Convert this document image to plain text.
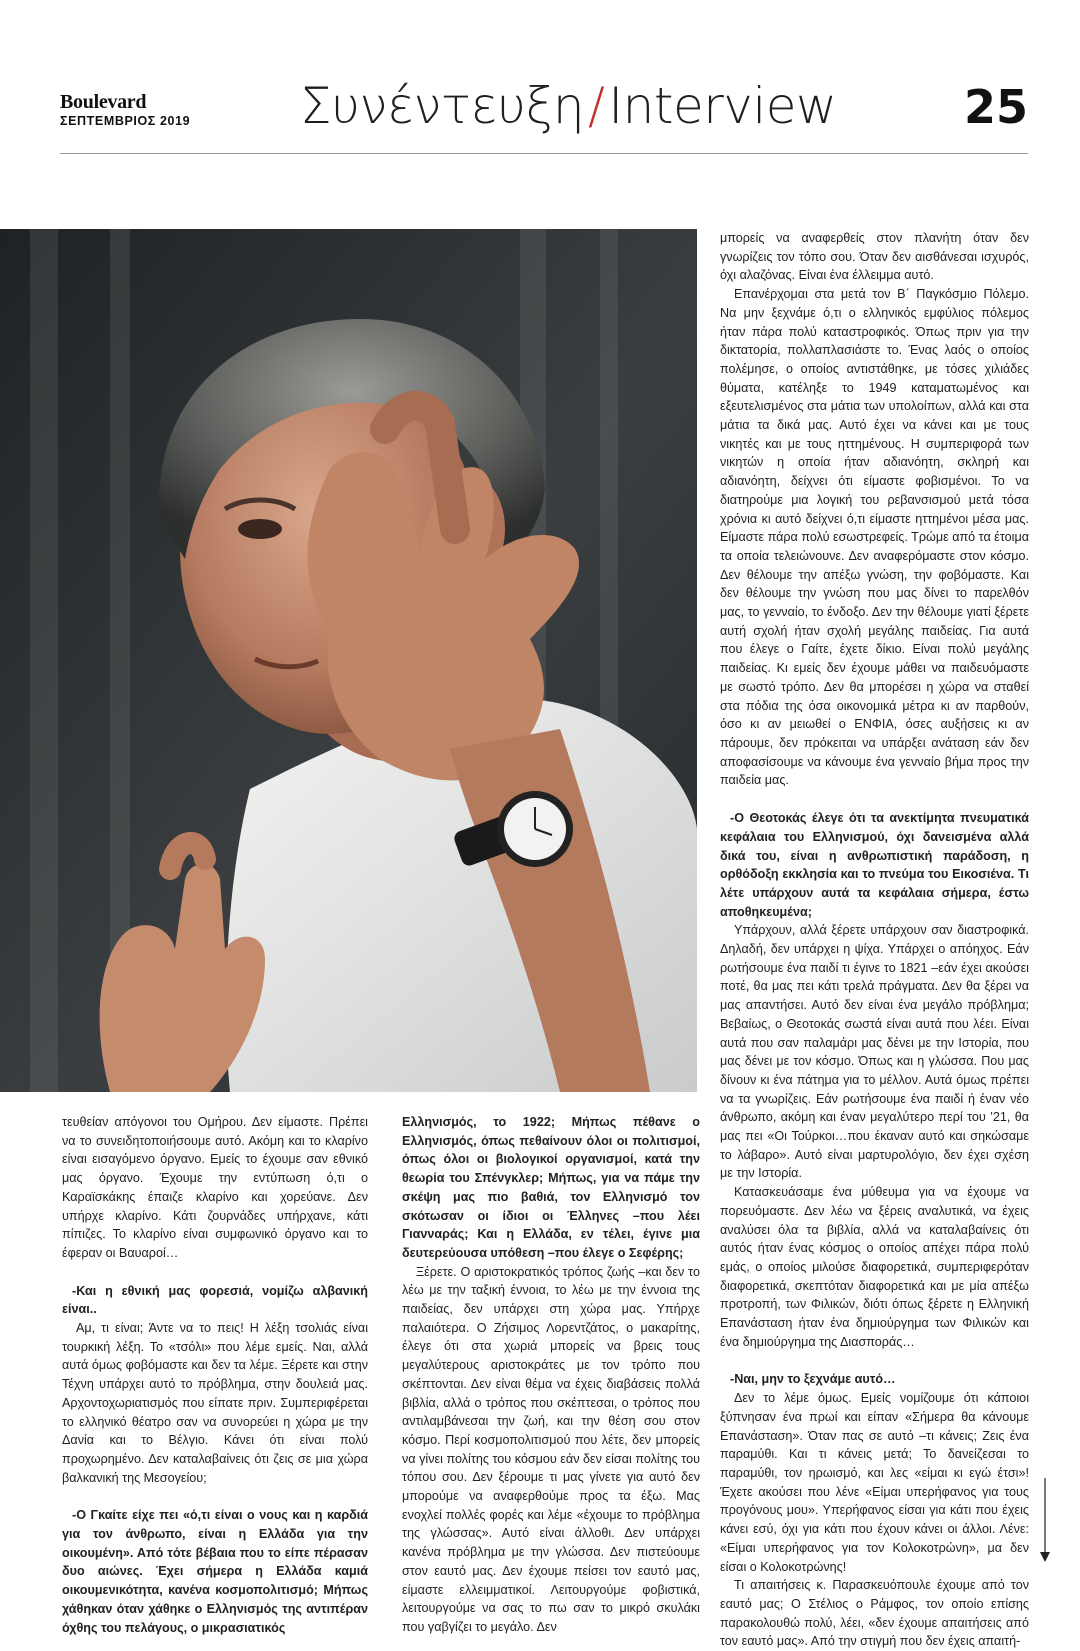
Boulevard
ΣΕΠΤΕΜΒΡΙΟΣ 2019 Συνέντευξη/Interview	25

τευθείαν απόγονοι του Ομήρου. Δεν είμαστε. Πρέπει να το συνειδητοποιήσουμε αυτό. Ακόμη και το κλαρίνο είναι εισαγόμενο όργανο. Εμείς το έχουμε σαν εθνικό μας όργανο. Έχουμε την εντύπωση ό,τι ο Καραϊσκάκης έπαιζε κλαρίνο και χορεύανε. Δεν υπήρχε κλαρίνο. Κάτι ζουρνάδες υπήρχανε, κάτι πίπιζες. Το κλαρίνο είναι συμφωνικό όργανο και το έφεραν οι Βαυαροί…

-Και η εθνική μας φορεσιά, νομίζω αλβανική είναι..

Αμ, τι είναι; Άντε να το πεις! Η λέξη τσολιάς είναι τουρκική λέξη. Το «τσόλι» που λέμε εμείς. Ναι, αλλά αυτά όμως φοβόμαστε και δεν τα λέμε. Ξέρετε και στην Τέχνη υπάρχει αυτό το πρόβλημα, στην δουλειά μας. Αρχοντοχωριατισμός που είπατε πριν. Συμπεριφέρεται το ελληνικό θέατρο σαν να συνορεύει η χώρα με την Δανία και το Βέλγιο. Κάνει ότι είναι πολύ προχωρημένο. Δεν καταλαβαίνεις ότι ζεις σε μια χώρα βαλκανική της Μεσογείου;

-Ο Γκαίτε είχε πει «ό,τι είναι ο νους και η καρδιά για τον άνθρωπο, είναι η Ελλάδα για την οικουμένη». Από τότε βέβαια που το είπε πέρασαν δυο αιώνες. Έχει σήμερα η Ελλάδα καμιά οικουμενικότητα, κανένα κοσμοπολιτισμό; Μήπως χάθηκαν όταν χάθηκε ο Ελληνισμός της αντιπέραν όχθης του πελάγους, ο μικρασιατικός

Ελληνισμός, το 1922; Μήπως πέθανε ο Ελληνισμός, όπως πεθαίνουν όλοι οι πολιτισμοί, όπως όλοι οι βιολογικοί οργανισμοί, κατά την θεωρία του Σπένγκλερ; Μήπως, για να πάμε την σκέψη μας πιο βαθιά, τον Ελληνισμό τον σκότωσαν οι ίδιοι οι Έλληνες –που λέει Γιανναράς; Και η Ελλάδα, εν τέλει, έγινε μια δευτερεύουσα υπόθεση –που έλεγε ο Σεφέρης;

Ξέρετε. Ο αριστοκρατικός τρόπος ζωής –και δεν το λέω με την ταξική έννοια, το λέω με την έννοια της παιδείας, δεν υπάρχει στη χώρα μας. Υπήρχε παλαιότερα. Ο Ζήσιμος Λορεντζάτος, ο μακαρίτης, έλεγε ότι στα χωριά μπορείς να βρεις τους μεγαλύτερους αριστοκράτες με τον τρόπο που σκέπτονται. Δεν είναι θέμα να έχεις διαβάσεις πολλά βιβλία, αλλά ο τρόπος που σκέπτεσαι, ο τρόπος που αντιλαμβάνεσαι την ζωή, και την θέση σου στον κόσμο. Περί κοσμοπολιτισμού που λέτε, δεν μπορείς να γίνει πολίτης του κόσμου εάν δεν είσαι πολίτης του τόπου σου. Δεν ξέρουμε τι μας γίνετε για αυτό δεν μπορούμε να αναφερθούμε προς τα έξω. Μας ενοχλεί πολλές φορές και λέμε «έχουμε το πρόβλημα της γλώσσας». Αυτό είναι άλλοθι. Δεν υπάρχει κανένα πρόβλημα με την γλώσσα. Δεν πιστεύουμε στον εαυτό μας. Δεν έχουμε πείσει τον εαυτό μας, είμαστε ελλειμματικοί. Λειτουργούμε φοβιστικά, λειτουργούμε να σας το πω σαν το μικρό σκυλάκι που γαβγίζει το μεγάλο. Δεν

μπορείς να αναφερθείς στον πλανήτη όταν δεν γνωρίζεις τον τόπο σου. Όταν δεν αισθάνεσαι ισχυρός, όχι αλαζόνας. Είναι ένα έλλειμμα αυτό.

Επανέρχομαι στα μετά τον Β΄ Παγκόσμιο Πόλεμο. Να μην ξεχνάμε ό,τι ο ελληνικός εμφύλιος πόλεμος ήταν πάρα πολύ καταστροφικός. Όπως πριν για την δικτατορία, πολλαπλασιάστε το. Ένας λαός ο οποίος πολέμησε, ο οποίος αντιστάθηκε, με τόσες χιλιάδες θύματα, κατέληξε το 1949 καταματωμένος και εξευτελισμένος στα μάτια των υπολοίπων, αλλά και στα μάτια τα δικά μας. Αυτό έχει να κάνει και με τους νικητές και με τους ηττημένους. Η συμπεριφορά των νικητών η οποία ήταν αδιανόητη, σκληρή και αδιανόητη, δείχνει ότι είμαστε φοβισμένοι. Το να διατηρούμε μια λογική του ρεβανσισμού μετά τόσα χρόνια κι αυτό δείχνει ό,τι είμαστε ηττημένοι μέσα μας. Είμαστε πάρα πολύ εσωστρεφείς. Τρώμε από τα έτοιμα τα οποία τελειώνουνε. Δεν αναφερόμαστε στον κόσμο. Δεν θέλουμε την απέξω γνώση, την φοβόμαστε. Και δεν θέλουμε την γνώση που μας δίνει το παρελθόν μας, το γενναίο, το ένδοξο. Δεν την θέλουμε γιατί ξέρετε αυτή σχολή ήταν σχολή μεγάλης παιδείας. Για αυτά που έλεγε ο Γαίτε, έχετε δίκιο. Είναι πολύ μεγάλης παιδείας. Κι εμείς δεν έχουμε μάθει να παιδευόμαστε με σωστό τρόπο. Δεν θα μπορέσει η χώρα να σταθεί στα πόδια της όσα οικονομικά μέτρα κι αν παρθούν, όσο κι αν μειωθεί ο ΕΝΦΙΑ, όσες αυξήσεις κι αν πάρουμε, δεν πρόκειται να υπάρξει ανάταση εάν δεν αποφασίσουμε να κάνουμε ένα γενναίο βήμα προς την παιδεία μας.

-Ο Θεοτοκάς έλεγε ότι τα ανεκτίμητα πνευματικά κεφάλαια του Ελληνισμού, όχι δανεισμένα αλλά δικά του, είναι η ανθρωπιστική παράδοση, η ορθόδοξη εκκλησία και το πνεύμα του Εικοσιένα. Τι λέτε υπάρχουν αυτά τα κεφάλαια σήμερα, έστω αποθηκευμένα;

Υπάρχουν, αλλά ξέρετε υπάρχουν σαν διαστροφικά. Δηλαδή, δεν υπάρχει η ψίχα. Υπάρχει ο απόηχος. Εάν ρωτήσουμε ένα παιδί τι έγινε το 1821 –εάν έχει ακούσει ποτέ, θα μας πει κάτι τρελά πράγματα. Δεν θα ξέρει να μας απαντήσει. Αυτό δεν είναι ένα μεγάλο πρόβλημα; Βεβαίως, ο Θεοτοκάς σωστά είναι αυτά που λέει. Είναι αυτά που σαν παλαμάρι μας δένει με την Ιστορία, που μας δένει με τον κόσμο. Όπως και η γλώσσα. Που μας δίνουν κι ένα πάτημα για το μέλλον. Αυτά όμως πρέπει να τα γνωρίζεις. Εάν ρωτήσουμε ένα παιδί ή έναν νέο άνθρωπο, ακόμη και έναν μεγαλύτερο περί του ’21, θα μας πει «Οι Τούρκοι…που έκαναν αυτό και σηκώσαμε το λάβαρο». Αυτό είναι μαρτυρολόγιο, δεν έχει σχέση με την Ιστορία.

Κατασκευάσαμε ένα μύθευμα για να έχουμε να πορευόμαστε. Δεν λέω να ξέρεις αναλυτικά, να έχεις αναλύσει όλα τα βιβλία, αλλά να καταλαβαίνεις ότι αυτός ήταν ένας κόσμος ο οποίος απέχει πάρα πολύ εμάς, ο οποίος μιλούσε διαφορετικά, συμπεριφερόταν διαφορετικά, σκεπτόταν διαφορετικά και με μία απέξω προτροπή, των Φιλικών, διότι όπως ξέρετε η Ελληνική Επανάσταση ήταν ένα δημιούργημα των Φιλικών και ένα δημιούργημα της Διασποράς…

-Ναι, μην το ξεχνάμε αυτό…

Δεν το λέμε όμως. Εμείς νομίζουμε ότι κάποιοι ξύπνησαν ένα πρωί και είπαν «Σήμερα θα κάνουμε Επανάσταση». Όταν πας σε αυτό –τι κάνεις; Ζεις ένα παραμύθι. Και τι κάνεις μετά; Το δανείζεσαι το παραμύθι, τον ηρωισμό, και λες «είμαι κι εγώ έτσι»! Έχετε ακούσει που λένε «Είμαι υπερήφανος για τους προγόνους μου». Υπερήφανος είσαι για κάτι που έχεις κάνει εσύ, όχι για κάτι που έχουν κάνει οι άλλοι. Λένε: «Είμαι υπερήφανος για τον Κολοκοτρώνη», μα δεν είσαι ο Κολοκοτρώνης!

Τι απαιτήσεις κ. Παρασκευόπουλε έχουμε από τον εαυτό μας; Ο Στέλιος ο Ράμφος, τον οποίο επίσης παρακολουθώ πολύ, λέει, «δεν έχουμε απαιτήσεις από τον εαυτό μας». Από την στιγμή που δεν έχεις απαιτή-
